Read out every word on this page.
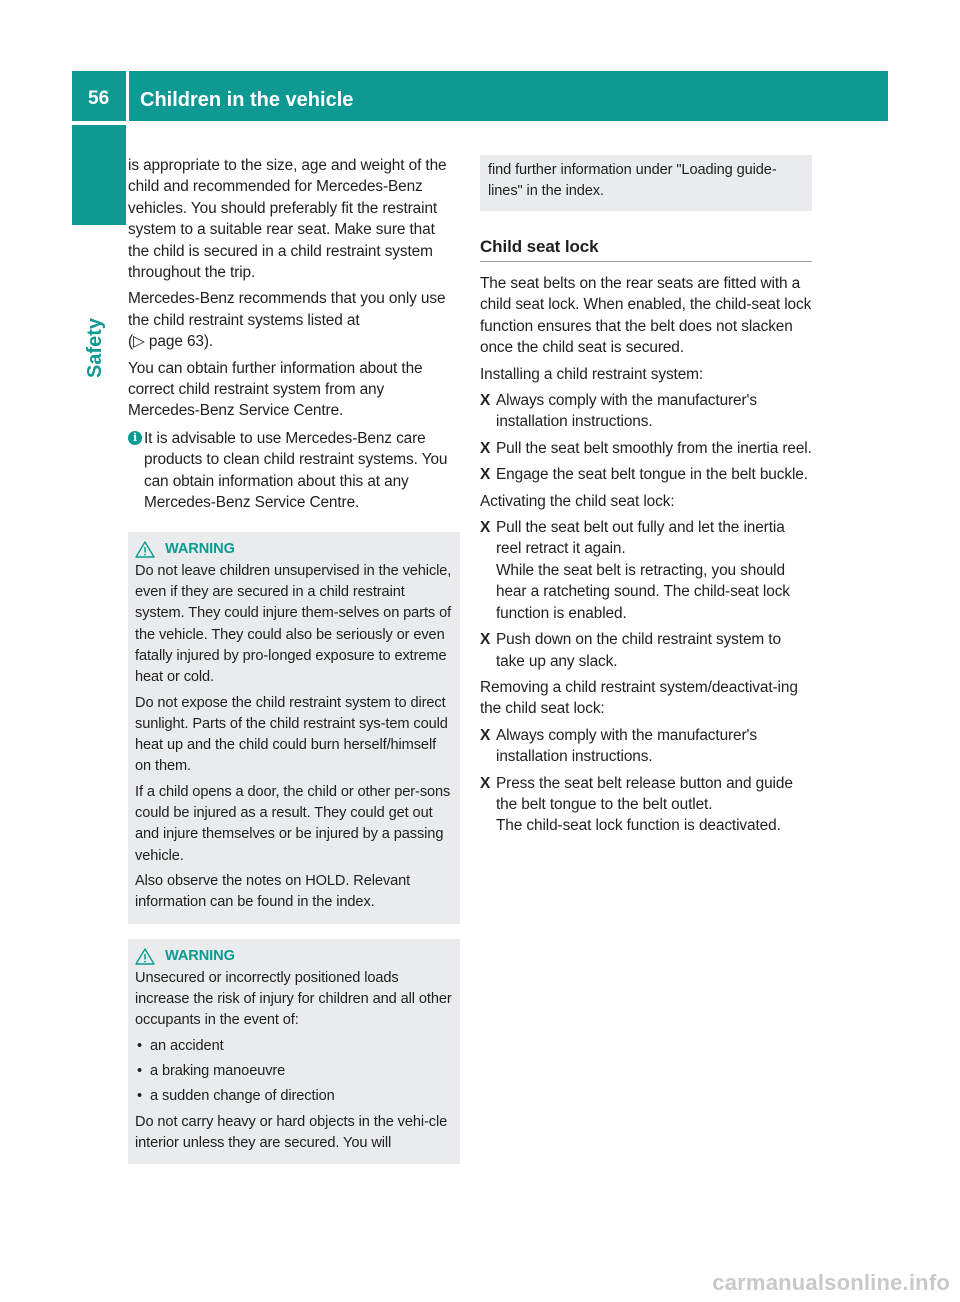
56	Children in the vehicle
Safety

is appropriate to the size, age and weight of the child and recommended for Mercedes-Benz vehicles. You should preferably fit the restraint system to a suitable rear seat. Make sure that the child is secured in a child restraint system throughout the trip.

Mercedes-Benz recommends that you only use the child restraint systems listed at
(▷ page 63).

You can obtain further information about the correct child restraint system from any Mercedes-Benz Service Centre.

i It is advisable to use Mercedes-Benz care products to clean child restraint systems. You can obtain information about this at any Mercedes-Benz Service Centre.
WARNING

Do not leave children unsupervised in the vehicle, even if they are secured in a child restraint system. They could injure them-selves on parts of the vehicle. They could also be seriously or even fatally injured by pro-longed exposure to extreme heat or cold.

Do not expose the child restraint system to direct sunlight. Parts of the child restraint sys-tem could heat up and the child could burn herself/himself on them.

If a child opens a door, the child or other per-sons could be injured as a result. They could get out and injure themselves or be injured by a passing vehicle.

Also observe the notes on HOLD. Relevant information can be found in the index.

WARNING

Unsecured or incorrectly positioned loads increase the risk of injury for children and all other occupants in the event of:

• an accident
• a braking manoeuvre
• a sudden change of direction

Do not carry heavy or hard objects in the vehi-cle interior unless they are secured. You will

find further information under "Loading guide-lines" in the index.
Child seat lock

The seat belts on the rear seats are fitted with a child seat lock. When enabled, the child-seat lock function ensures that the belt does not slacken once the child seat is secured.

Installing a child restraint system:

X Always comply with the manufacturer's installation instructions.
X Pull the seat belt smoothly from the inertia reel.
X Engage the seat belt tongue in the belt buckle.

Activating the child seat lock:

X Pull the seat belt out fully and let the inertia reel retract it again.
While the seat belt is retracting, you should hear a ratcheting sound. The child-seat lock function is enabled.
X Push down on the child restraint system to take up any slack.

Removing a child restraint system/deactivat-ing the child seat lock:

X Always comply with the manufacturer's installation instructions.
X Press the seat belt release button and guide the belt tongue to the belt outlet.
The child-seat lock function is deactivated.
carmanualsonline.info
